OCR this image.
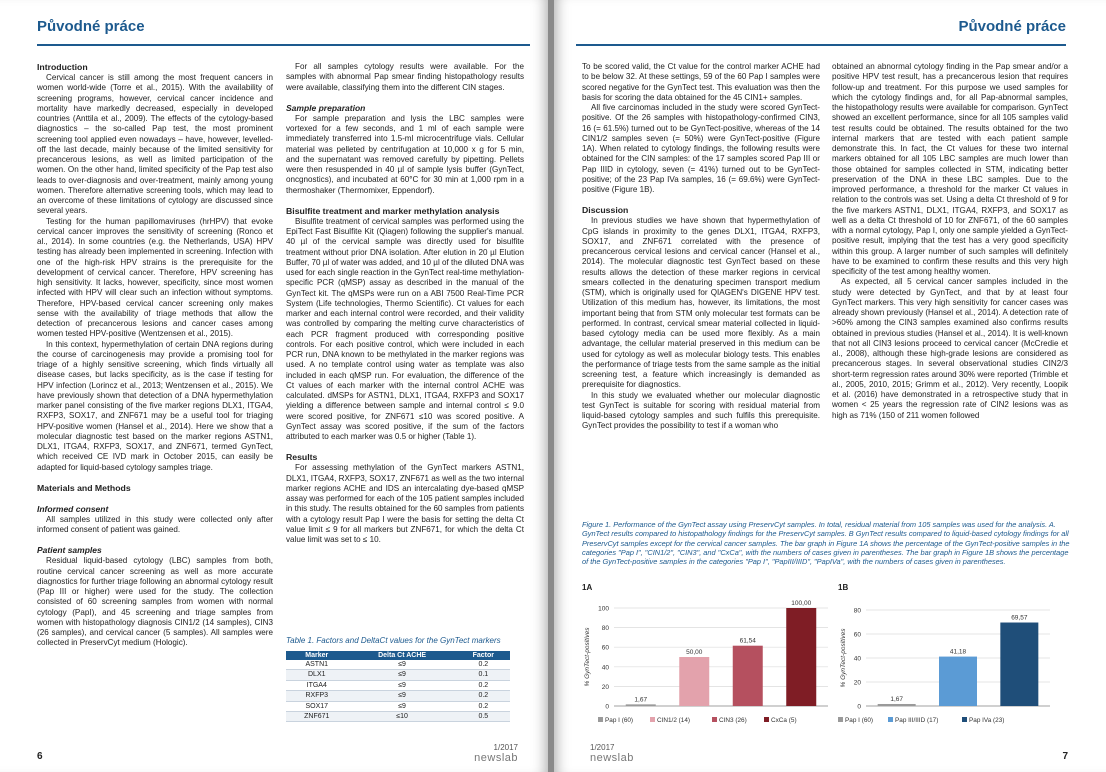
Původné práce
Introduction

Cervical cancer is still among the most frequent cancers in women world-wide (Torre et al., 2015). With the availability of screening programs, however, cervical cancer incidence and mortality have markedly decreased, especially in developed countries (Anttila et al., 2009). The effects of the cytology-based diagnostics – the so-called Pap test, the most prominent screening tool applied even nowadays – have, however, levelled-off the last decade, mainly because of the limited sensitivity for precancerous lesions, as well as limited participation of the women. On the other hand, limited specificity of the Pap test also leads to over-diagnosis and over-treatment, mainly among young women. Therefore alternative screening tools, which may lead to an overcome of these limitations of cytology are discussed since several years.

Testing for the human papillomaviruses (hrHPV) that evoke cervical cancer improves the sensitivity of screening (Ronco et al., 2014). In some countries (e.g. the Netherlands, USA) HPV testing has already been implemented in screening. Infection with one of the high-risk HPV strains is the prerequisite for the development of cervical cancer. Therefore, HPV screening has high sensitivity. It lacks, however, specificity, since most women infected with HPV will clear such an infection without symptoms. Therefore, HPV-based cervical cancer screening only makes sense with the availability of triage methods that allow the detection of precancerous lesions and cancer cases among women tested HPV-positive (Wentzensen et al., 2015).

In this context, hypermethylation of certain DNA regions during the course of carcinogenesis may provide a promising tool for triage of a highly sensitive screening, which finds virtually all disease cases, but lacks specificity, as is the case if testing for HPV infection (Lorincz et al., 2013; Wentzensen et al., 2015). We have previously shown that detection of a DNA hypermethylation marker panel consisting of the five marker regions DLX1, ITGA4, RXFP3, SOX17, and ZNF671 may be a useful tool for triaging HPV-positive women (Hansel et al., 2014). Here we show that a molecular diagnostic test based on the marker regions ASTN1, DLX1, ITGA4, RXFP3, SOX17, and ZNF671, termed GynTect, which received CE IVD mark in October 2015, can easily be adapted for liquid-based cytology samples triage.

Materials and Methods
Informed consent

All samples utilized in this study were collected only after informed consent of patient was gained.

Patient samples

Residual liquid-based cytology (LBC) samples from both, routine cervical cancer screening as well as more accurate diagnostics for further triage following an abnormal cytology result (Pap III or higher) were used for the study. The collection consisted of 60 screening samples from women with normal cytology (PapI), and 45 screening and triage samples from women with histopathology diagnosis CIN1/2 (14 samples), CIN3 (26 samples), and cervical cancer (5 samples). All samples were collected in PreservCyt medium (Hologic).

For all samples cytology results were available. For the samples with abnormal Pap smear finding histopathology results were available, classifying them into the different CIN stages.

Sample preparation

For sample preparation and lysis the LBC samples were vortexed for a few seconds, and 1 ml of each sample were immediately transferred into 1.5-ml microcentrifuge vials. Cellular material was pelleted by centrifugation at 10,000 x g for 5 min, and the supernatant was removed carefully by pipetting. Pellets were then resuspended in 40 µl of sample lysis buffer (GynTect, oncgnostics), and incubated at 60°C for 30 min at 1,000 rpm in a thermoshaker (Thermomixer, Eppendorf).

Bisulfite treatment and marker methylation analysis

Bisulfite treatment of cervical samples was performed using the EpiTect Fast Bisulfite Kit (Qiagen) following the supplier's manual. 40 µl of the cervical sample was directly used for bisulfite treatment without prior DNA isolation. After elution in 20 µl Elution Buffer, 70 µl of water was added, and 10 µl of the diluted DNA was used for each single reaction in the GynTect real-time methylation-specific PCR (qMSP) assay as described in the manual of the GynTect kit. The qMSPs were run on a ABI 7500 Real-Time PCR System (Life technologies, Thermo Scientific). Ct values for each marker and each internal control were recorded, and their validity was controlled by comparing the melting curve characteristics of each PCR fragment produced with corresponding positive controls. For each positive control, which were included in each PCR run, DNA known to be methylated in the marker regions was used. A no template control using water as template was also included in each qMSP run. For evaluation, the difference of the Ct values of each marker with the internal control ACHE was calculated. dMSPs for ASTN1, DLX1, ITGA4, RXFP3 and SOX17 yielding a difference between sample and internal control ≤ 9.0 were scored positive, for ZNF671 ≤10 was scored positive. A GynTect assay was scored positive, if the sum of the factors attributed to each marker was 0.5 or higher (Table 1).

Results

For assessing methylation of the GynTect markers ASTN1, DLX1, ITGA4, RXFP3, SOX17, ZNF671 as well as the two internal marker regions ACHE and IDS an intercalating dye-based qMSP assay was performed for each of the 105 patient samples included in this study. The results obtained for the 60 samples from patients with a cytology result Pap I were the basis for setting the delta Ct value limit ≤ 9 for all markers but ZNF671, for which the delta Ct value limit was set to ≤ 10.

Table 1. Factors and DeltaCt values for the GynTect markers
Marker	Delta Ct ACHE	Factor
ASTN1	≤9	0.2
DLX1	≤9	0.1
ITGA4	≤9	0.2
RXFP3	≤9	0.2
SOX17	≤9	0.2
ZNF671	≤10	0.5
6
1/2017
newslab
Původné práce

To be scored valid, the Ct value for the control marker ACHE had to be below 32. At these settings, 59 of the 60 Pap I samples were scored negative for the GynTect test. This evaluation was then the basis for scoring the data obtained for the 45 CIN1+ samples.

All five carcinomas included in the study were scored GynTect-positive. Of the 26 samples with histopathology-confirmed CIN3, 16 (= 61.5%) turned out to be GynTect-positive, whereas of the 14 CIN1/2 samples seven (= 50%) were GynTect-positive (Figure 1A). When related to cytology findings, the following results were obtained for the CIN samples: of the 17 samples scored Pap III or Pap IIID in cytology, seven (= 41%) turned out to be GynTect-positive; of the 23 Pap IVa samples, 16 (= 69.6%) were GynTect-positive (Figure 1B).

Discussion

In previous studies we have shown that hypermethylation of CpG islands in proximity to the genes DLX1, ITGA4, RXFP3, SOX17, and ZNF671 correlated with the presence of precancerous cervical lesions and cervical cancer (Hansel et al., 2014). The molecular diagnostic test GynTect based on these results allows the detection of these marker regions in cervical smears collected in the denaturing specimen transport medium (STM), which is originally used for QIAGEN's DIGENE HPV test. Utilization of this medium has, however, its limitations, the most important being that from STM only molecular test formats can be performed. In contrast, cervical smear material collected in liquid-based cytology media can be used more flexibly. As a main advantage, the cellular material preserved in this medium can be used for cytology as well as molecular biology tests. This enables the performance of triage tests from the same sample as the initial screening test, a feature which increasingly is demanded as prerequisite for diagnostics.

In this study we evaluated whether our molecular diagnostic test GynTect is suitable for scoring with residual material from liquid-based cytology samples and such fulfils this prerequisite. GynTect provides the possibility to test if a woman who

obtained an abnormal cytology finding in the Pap smear and/or a positive HPV test result, has a precancerous lesion that requires follow-up and treatment. For this purpose we used samples for which the cytology findings and, for all Pap-abnormal samples, the histopathology results were available for comparison. GynTect showed an excellent performance, since for all 105 samples valid test results could be obtained. The results obtained for the two internal markers that are tested with each patient sample demonstrate this. In fact, the Ct values for these two internal markers obtained for all 105 LBC samples are much lower than those obtained for samples collected in STM, indicating better preservation of the DNA in these LBC samples. Due to the improved performance, a threshold for the marker Ct values in relation to the controls was set. Using a delta Ct threshold of 9 for the five markers ASTN1, DLX1, ITGA4, RXFP3, and SOX17 as well as a delta Ct threshold of 10 for ZNF671, of the 60 samples with a normal cytology, Pap I, only one sample yielded a GynTect-positive result, implying that the test has a very good specificity within this group. A larger number of such samples will definitely have to be examined to confirm these results and this very high specificity of the test among healthy women.

As expected, all 5 cervical cancer samples included in the study were detected by GynTect, and that by at least four GynTect markers. This very high sensitivity for cancer cases was already shown previously (Hansel et al., 2014). A detection rate of >60% among the CIN3 samples examined also confirms results obtained in previous studies (Hansel et al., 2014). It is well-known that not all CIN3 lesions proceed to cervical cancer (McCredie et al., 2008), although these high-grade lesions are considered as precancerous stages. In several observational studies CIN2/3 short-term regression rates around 30% were reported (Trimble et al., 2005, 2010, 2015; Grimm et al., 2012). Very recently, Loopik et al. (2016) have demonstrated in a retrospective study that in women < 25 years the regression rate of CIN2 lesions was as high as 71% (150 of 211 women followed

Figure 1. Performance of the GynTect assay using PreservCyt samples. In total, residual material from 105 samples was used for the analysis. A. GynTect results compared to histopathology findings for the PreservCyt samples. B GynTect results compared to liquid-based cytology findings for all PreservCyt samples except for the cervical cancer samples. The bar graph in Figure 1A shows the percentage of the GynTect-positive samples in the categories "Pap I", "CIN1/2", "CIN3", and "CxCa", with the numbers of cases given in parentheses. The bar graph in Figure 1B shows the percentage of the GynTect-positive samples in the categories "Pap I", "PapIII/IIID", "PapIVa", with the numbers of cases given in parentheses.
1A
0
20
40
60
80
100
% GynTect-positives
1,67
50,00
61,54
100,00
Pap I (60)	CIN1/2 (14)	CIN3 (26)	CxCa (5)
1B
0
20
40
60
80
% GynTect-positives
1,67
41,18
69,57
Pap I (60)	Pap III/IIID (17)	Pap IVa (23)
1/2017
newslab	7
